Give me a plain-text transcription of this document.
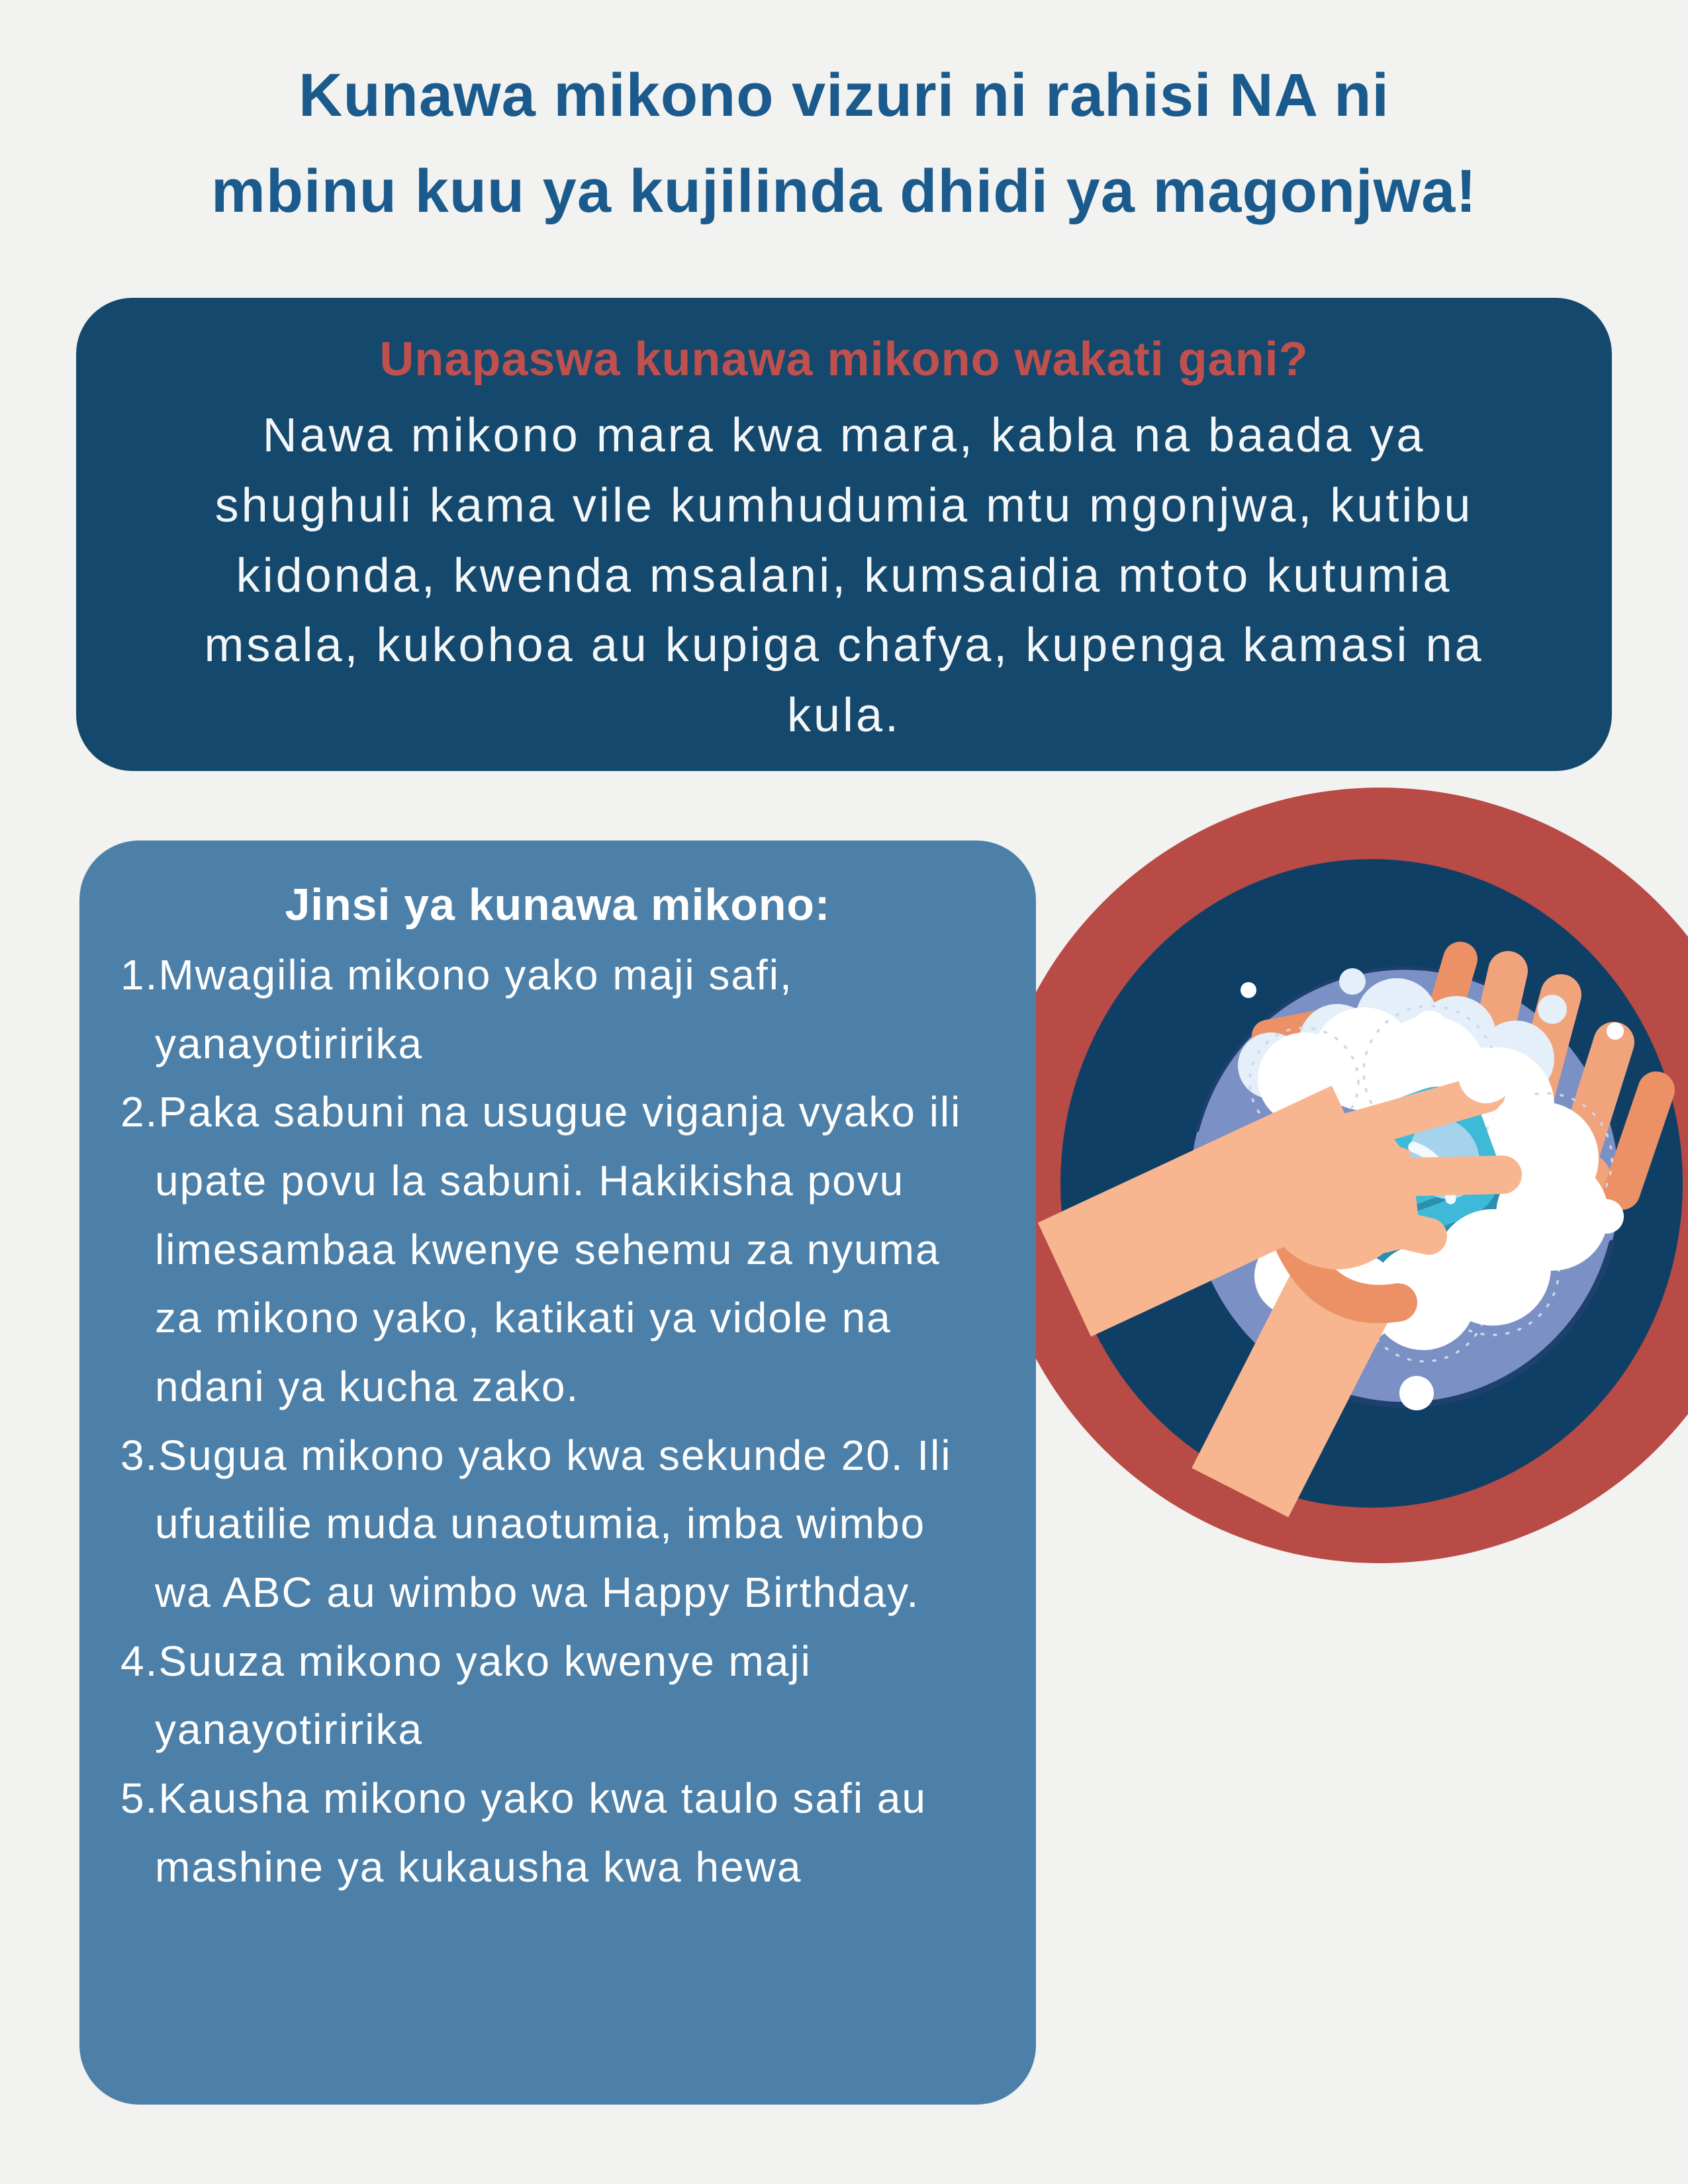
Kunawa mikono vizuri ni rahisi NA ni
mbinu kuu ya kujilinda dhidi ya magonjwa!
Unapaswa kunawa mikono wakati gani?

Nawa mikono mara kwa mara, kabla na baada ya shughuli kama vile kumhudumia mtu mgonjwa, kutibu kidonda, kwenda msalani, kumsaidia mtoto kutumia msala, kukohoa au kupiga chafya, kupenga kamasi na kula.

Jinsi ya kunawa mikono:
Mwagilia mikono yako maji safi, yanayotiririka
Paka sabuni na usugue viganja vyako ili upate povu la sabuni. Hakikisha povu limesambaa kwenye sehemu za nyuma za mikono yako, katikati ya vidole na ndani ya kucha zako.
Sugua mikono yako kwa sekunde 20. Ili ufuatilie muda unaotumia, imba wimbo wa ABC au wimbo wa Happy Birthday.
Suuza mikono yako kwenye maji yanayotiririka
Kausha mikono yako kwa taulo safi au mashine ya kukausha kwa hewa
